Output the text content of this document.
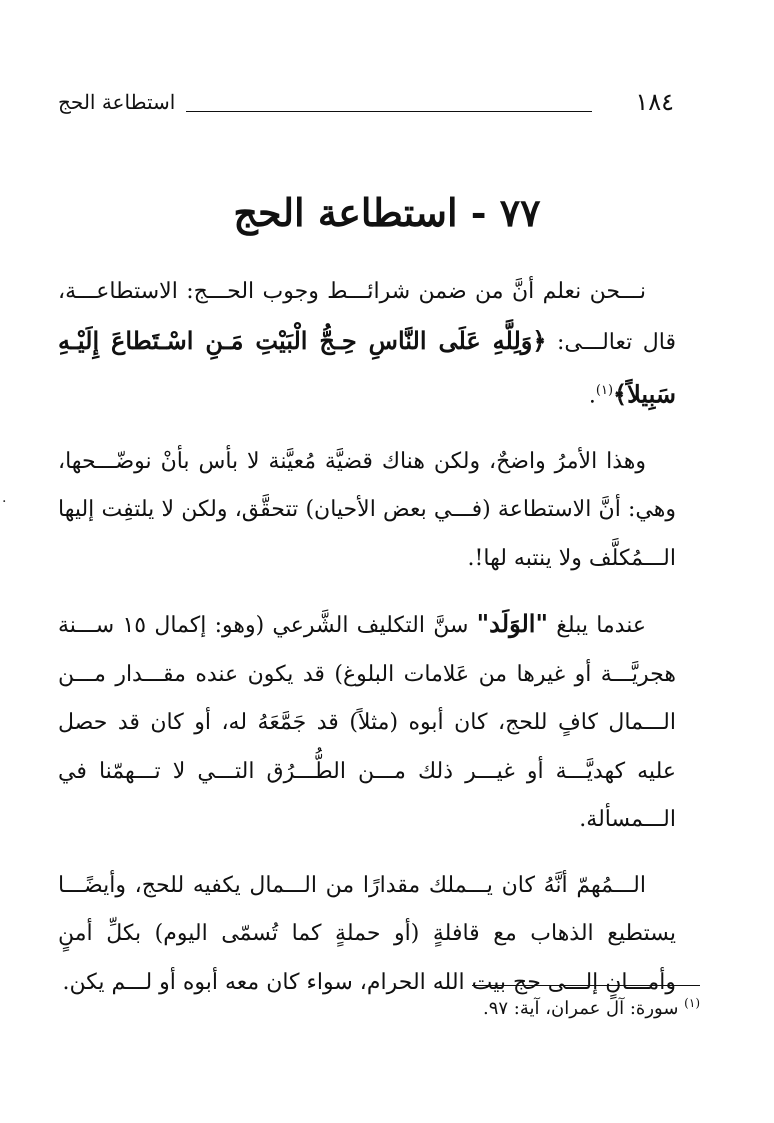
١٨٤
استطاعة الحج
٧٧ - استطاعة الحج

نـــحن نعلم أنَّ من ضمن شرائـــط وجوب الحـــج: الاستطاعـــة، قال تعالـــى: ﴿وَلِلَّهِ عَلَى النَّاسِ حِـجُّ الْبَيْتِ مَـنِ اسْـتَطاعَ إِلَيْـهِ سَبِيلاً﴾$^{(١)}$.

وهذا الأمرُ واضحٌ، ولكن هناك قضيَّة مُعيَّنة لا بأس بأنْ نوضّـــحها، وهي: أنَّ الاستطاعة (فـــي بعض الأحيان) تتحقَّق، ولكن لا يلتفِت إليها الـــمُكلَّف ولا ينتبه لها!.

عندما يبلغ "الوَلَد" سنَّ التكليف الشَّرعي (وهو: إكمال ١٥ ســـنة هجريَّـــة أو غيرها من عَلامات البلوغ) قد يكون عنده مقـــدار مـــن الـــمال كافٍ للحج، كان أبوه (مثلاً) قد جَمَّعَهُ له، أو كان قد حصل عليه كهديَّـــة أو غيـــر ذلك مـــن الطُّـــرُق التـــي لا تـــهمّنا في الـــمسألة.

الـــمُهمّ أنَّهُ كان يـــملك مقدارًا من الـــمال يكفيه للحج، وأيضًـــا يستطيع الذهاب مع قافلةٍ (أو حملةٍ كما تُسمّى اليوم) بكلِّ أمنٍ وأمـــانٍ إلـــى حج بيت الله الحرام، سواء كان معه أبوه أو لـــم يكن.

$^{(١)}$ سورة: آل عمران، آية: ٩٧.
.
